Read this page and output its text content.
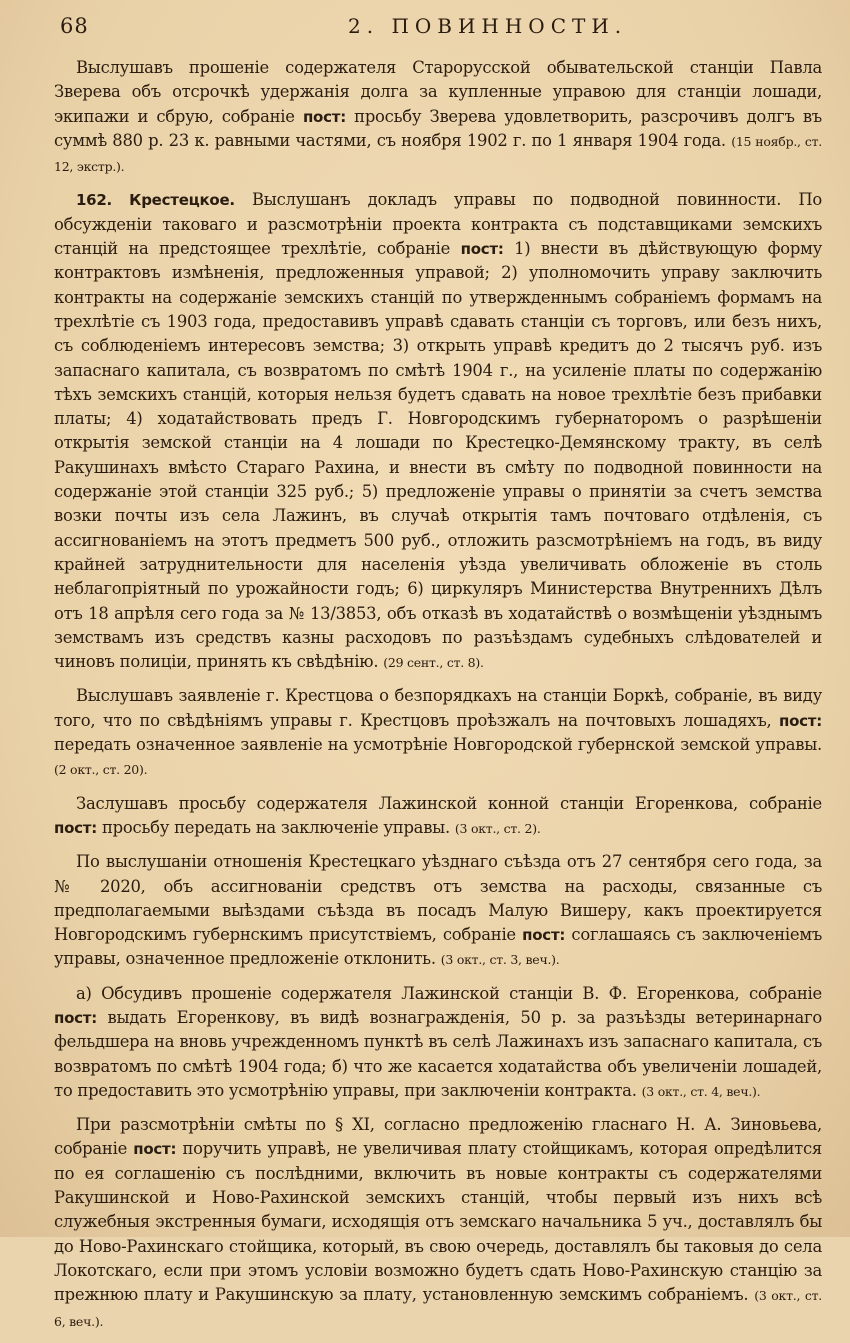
68	2. ПОВИННОСТИ.

Выслушавъ прошеніе содержателя Старорусской обывательской станціи Павла Зверева объ отсрочкѣ удержанія долга за купленные управою для станціи лошади, экипажи и сбрую, собраніе пост: просьбу Зверева удовлетворить, разсрочивъ долгъ въ суммѣ 880 р. 23 к. равными частями, съ ноября 1902 г. по 1 января 1904 года. (15 ноябр., ст. 12, экстр.).

162. Крестецкое. Выслушанъ докладъ управы по подводной повинности. По обсужденіи таковаго и разсмотрѣніи проекта контракта съ подставщиками земскихъ станцій на предстоящее трехлѣтіе, собраніе пост: 1) внести въ дѣйствующую форму контрактовъ измѣненія, предложенныя управой; 2) уполномочить управу заключить контракты на содержаніе земскихъ станцій по утвержденнымъ собраніемъ формамъ на трехлѣтіе съ 1903 года, предоставивъ управѣ сдавать станціи съ торговъ, или безъ нихъ, съ соблюденіемъ интересовъ земства; 3) открыть управѣ кредитъ до 2 тысячъ руб. изъ запаснаго капитала, съ возвратомъ по смѣтѣ 1904 г., на усиленіе платы по содержанію тѣхъ земскихъ станцій, которыя нельзя будетъ сдавать на новое трехлѣтіе безъ прибавки платы; 4) ходатайствовать предъ Г. Новгородскимъ губернаторомъ о разрѣшеніи открытія земской станціи на 4 лошади по Крестецко-Демянскому тракту, въ селѣ Ракушинахъ вмѣсто Стараго Рахина, и внести въ смѣту по подводной повинности на содержаніе этой станціи 325 руб.; 5) предложеніе управы о принятіи за счетъ земства возки почты изъ села Лажинъ, въ случаѣ открытія тамъ почтоваго отдѣленія, съ ассигнованіемъ на этотъ предметъ 500 руб., отложить разсмотрѣніемъ на годъ, въ виду крайней затруднительности для населенія уѣзда увеличивать обложеніе въ столь неблагопріятный по урожайности годъ; 6) циркуляръ Министерства Внутреннихъ Дѣлъ отъ 18 апрѣля сего года за № 13/3853, объ отказѣ въ ходатайствѣ о возмѣщеніи уѣзднымъ земствамъ изъ средствъ казны расходовъ по разъѣздамъ судебныхъ слѣдователей и чиновъ полиціи, принять къ свѣдѣнію. (29 сент., ст. 8).

Выслушавъ заявленіе г. Крестцова о безпорядкахъ на станціи Боркѣ, собраніе, въ виду того, что по свѣдѣніямъ управы г. Крестцовъ проѣзжалъ на почтовыхъ лошадяхъ, пост: передать означенное заявленіе на усмотрѣніе Новгородской губернской земской управы. (2 окт., ст. 20).

Заслушавъ просьбу содержателя Лажинской конной станціи Егоренкова, собраніе пост: просьбу передать на заключеніе управы. (3 окт., ст. 2).

По выслушаніи отношенія Крестецкаго уѣзднаго съѣзда отъ 27 сентября сего года, за № 2020, объ ассигнованіи средствъ отъ земства на расходы, связанные съ предполагаемыми выѣздами съѣзда въ посадъ Малую Вишеру, какъ проектируется Новгородскимъ губернскимъ присутствіемъ, собраніе пост: соглашаясь съ заключеніемъ управы, означенное предложеніе отклонить. (3 окт., ст. 3, веч.).

а) Обсудивъ прошеніе содержателя Лажинской станціи В. Ф. Егоренкова, собраніе пост: выдать Егоренкову, въ видѣ вознагражденія, 50 р. за разъѣзды ветеринарнаго фельдшера на вновь учрежденномъ пунктѣ въ селѣ Лажинахъ изъ запаснаго капитала, съ возвратомъ по смѣтѣ 1904 года; б) что же касается ходатайства объ увеличеніи лошадей, то предоставить это усмотрѣнію управы, при заключеніи контракта. (3 окт., ст. 4, веч.).

При разсмотрѣніи смѣты по § XI, согласно предложенію гласнаго Н. А. Зиновьева, собраніе пост: поручить управѣ, не увеличивая плату стойщикамъ, которая опредѣлится по ея соглашенію съ послѣдними, включить въ новые контракты съ содержателями Ракушинской и Ново-Рахинской земскихъ станцій, чтобы первый изъ нихъ всѣ служебныя экстренныя бумаги, исходящія отъ земскаго начальника 5 уч., доставлялъ бы до Ново-Рахинскаго стойщика, который, въ свою очередь, доставлялъ бы таковыя до села Локотскаго, если при этомъ условіи возможно будетъ сдать Ново-Рахинскую станцію за прежнюю плату и Ракушинскую за плату, установленную земскимъ собраніемъ. (3 окт., ст. 6, веч.).
